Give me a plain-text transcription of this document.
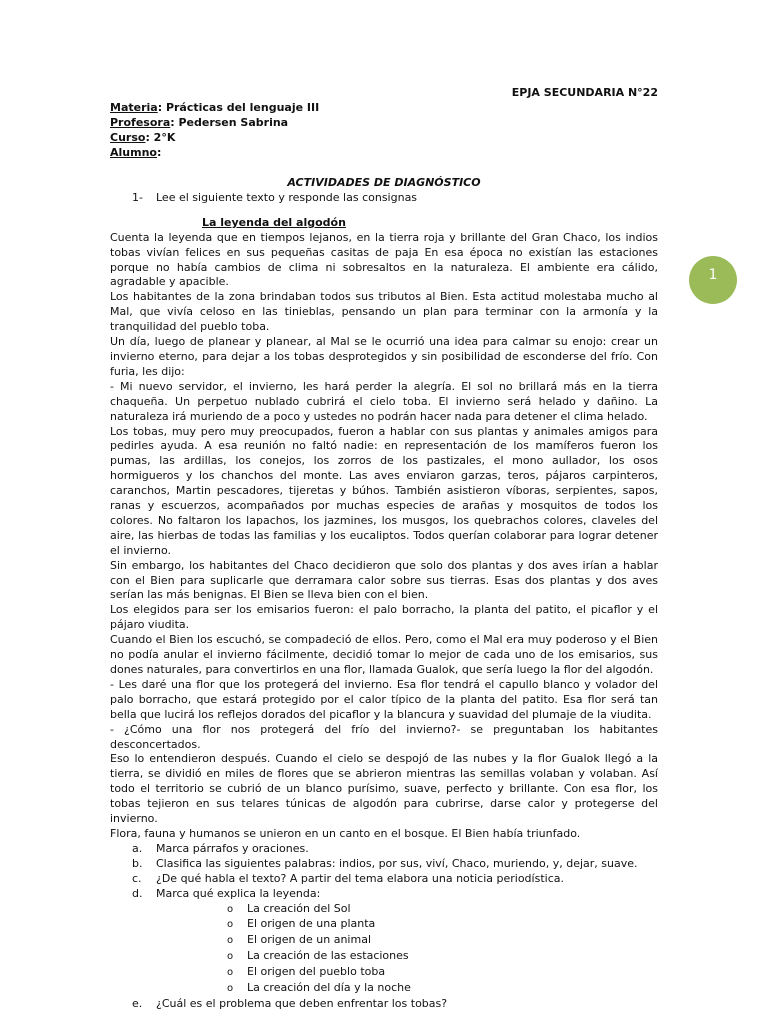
EPJA SECUNDARIA N°22
Materia: Prácticas del lenguaje III
Profesora: Pedersen Sabrina
Curso: 2°K
Alumno:
ACTIVIDADES DE DIAGNÓSTICO
1- Lee el siguiente texto y responde las consignas
La leyenda del algodón

Cuenta la leyenda que en tiempos lejanos, en la tierra roja y brillante del Gran Chaco, los indios tobas vivían felices en sus pequeñas casitas de paja En esa época no existían las estaciones porque no había cambios de clima ni sobresaltos en la naturaleza. El ambiente era cálido, agradable y apacible.

Los habitantes de la zona brindaban todos sus tributos al Bien. Esta actitud molestaba mucho al Mal, que vivía celoso en las tinieblas, pensando un plan para terminar con la armonía y la tranquilidad del pueblo toba.

Un día, luego de planear y planear, al Mal se le ocurrió una idea para calmar su enojo: crear un invierno eterno, para dejar a los tobas desprotegidos y sin posibilidad de esconderse del frío. Con furia, les dijo:

- Mi nuevo servidor, el invierno, les hará perder la alegría. El sol no brillará más en la tierra chaqueña. Un perpetuo nublado cubrirá el cielo toba. El invierno será helado y dañino. La naturaleza irá muriendo de a poco y ustedes no podrán hacer nada para detener el clima helado.

Los tobas, muy pero muy preocupados, fueron a hablar con sus plantas y animales amigos para pedirles ayuda. A esa reunión no faltó nadie: en representación de los mamíferos fueron los pumas, las ardillas, los conejos, los zorros de los pastizales, el mono aullador, los osos hormigueros y los chanchos del monte. Las aves enviaron garzas, teros, pájaros carpinteros, caranchos, Martin pescadores, tijeretas y búhos. También asistieron víboras, serpientes, sapos, ranas y escuerzos, acompañados por muchas especies de arañas y mosquitos de todos los colores. No faltaron los lapachos, los jazmines, los musgos, los quebrachos colores, claveles del aire, las hierbas de todas las familias y los eucaliptos. Todos querían colaborar para lograr detener el invierno.

Sin embargo, los habitantes del Chaco decidieron que solo dos plantas y dos aves irían a hablar con el Bien para suplicarle que derramara calor sobre sus tierras. Esas dos plantas y dos aves serían las más benignas. El Bien se lleva bien con el bien.

Los elegidos para ser los emisarios fueron: el palo borracho, la planta del patito, el picaflor y el pájaro viudita.

Cuando el Bien los escuchó, se compadeció de ellos. Pero, como el Mal era muy poderoso y el Bien no podía anular el invierno fácilmente, decidió tomar lo mejor de cada uno de los emisarios, sus dones naturales, para convertirlos en una flor, llamada Gualok, que sería luego la flor del algodón.

- Les daré una flor que los protegerá del invierno. Esa flor tendrá el capullo blanco y volador del palo borracho, que estará protegido por el calor típico de la planta del patito. Esa flor será tan bella que lucirá los reflejos dorados del picaflor y la blancura y suavidad del plumaje de la viudita.

- ¿Cómo una flor nos protegerá del frío del invierno?- se preguntaban los habitantes desconcertados.

Eso lo entendieron después. Cuando el cielo se despojó de las nubes y la flor Gualok llegó a la tierra, se dividió en miles de flores que se abrieron mientras las semillas volaban y volaban. Así todo el territorio se cubrió de un blanco purísimo, suave, perfecto y brillante. Con esa flor, los tobas tejieron en sus telares túnicas de algodón para cubrirse, darse calor y protegerse del invierno.

Flora, fauna y humanos se unieron en un canto en el bosque. El Bien había triunfado.

a. Marca párrafos y oraciones.
b. Clasifica las siguientes palabras: indios, por sus, viví, Chaco, muriendo, y, dejar, suave.
c. ¿De qué habla el texto? A partir del tema elabora una noticia periodística.
d. Marca qué explica la leyenda:
o La creación del Sol
o El origen de una planta
o El origen de un animal
o La creación de las estaciones
o El origen del pueblo toba
o La creación del día y la noche
e. ¿Cuál es el problema que deben enfrentar los tobas?
1
